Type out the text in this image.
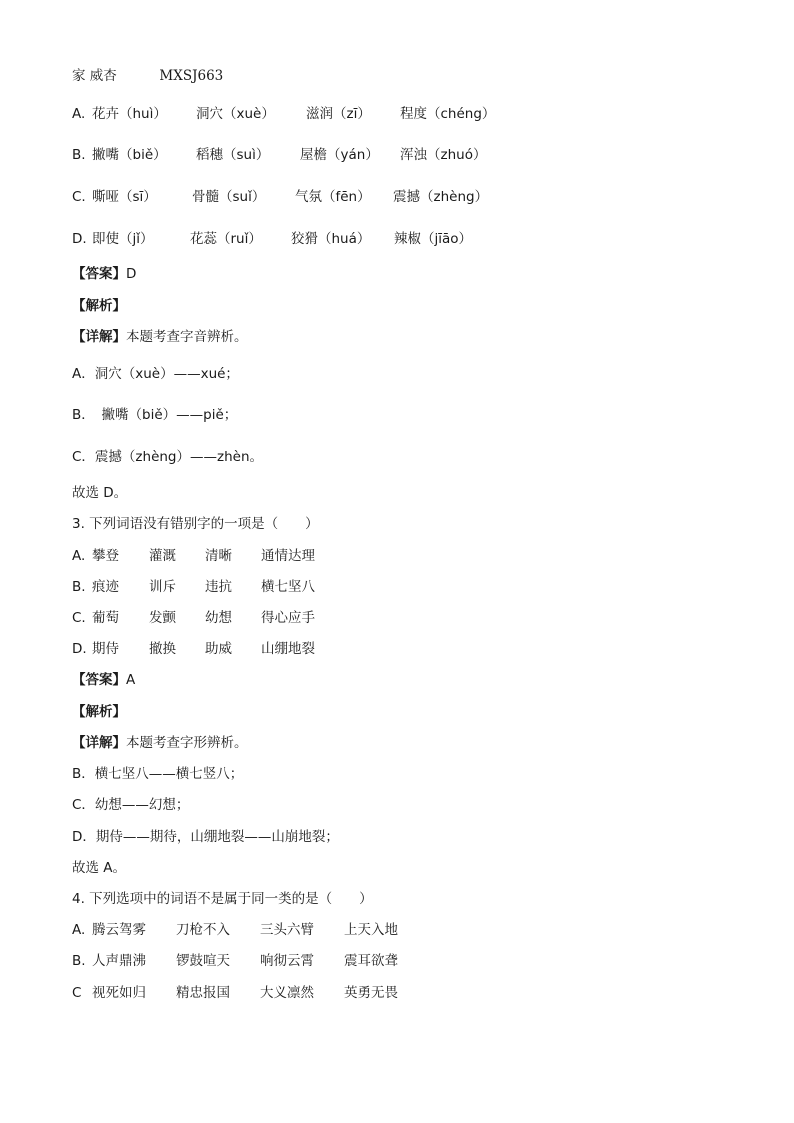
家 威杏	MXSJ663
A. 花卉（huì） 洞穴（xuè） 滋润（zī） 程度（chéng）
B. 撇嘴（biě） 稻穗（suì） 屋檐（yán） 浑浊（zhuó）
C. 嘶哑（sī）	骨髓（suǐ） 气氛（fēn） 震撼（zhèng）
D. 即使（jǐ）	花蕊（ruǐ） 狡猾（huá） 辣椒（jīāo）
【答案】D
【解析】
【详解】本题考查字音辨析。
A．洞穴（xuè）——xué；
B．　撇嘴（biě）——piě；
C．震撼（zhèng）——zhèn。
故选 D。
3. 下列词语没有错别字的一项是（　　）
A. 攀登 灌溉 清晰 通情达理
B. 痕迹 训斥 违抗 横七坚八
C. 葡萄 发颤 幼想 得心应手
D. 期侍 撤换 助威 山绷地裂
【答案】A
【解析】
【详解】本题考查字形辨析。
B．横七坚八——横七竖八；
C．幼想——幻想；
D．期侍——期待，山绷地裂——山崩地裂；
故选 A。
4. 下列选项中的词语不是属于同一类的是（　　）
A. 腾云驾雾 刀枪不入 三头六臂 上天入地
B. 人声鼎沸 锣鼓喧天 响彻云霄 震耳欲聋
C 视死如归 精忠报国 大义凛然 英勇无畏
